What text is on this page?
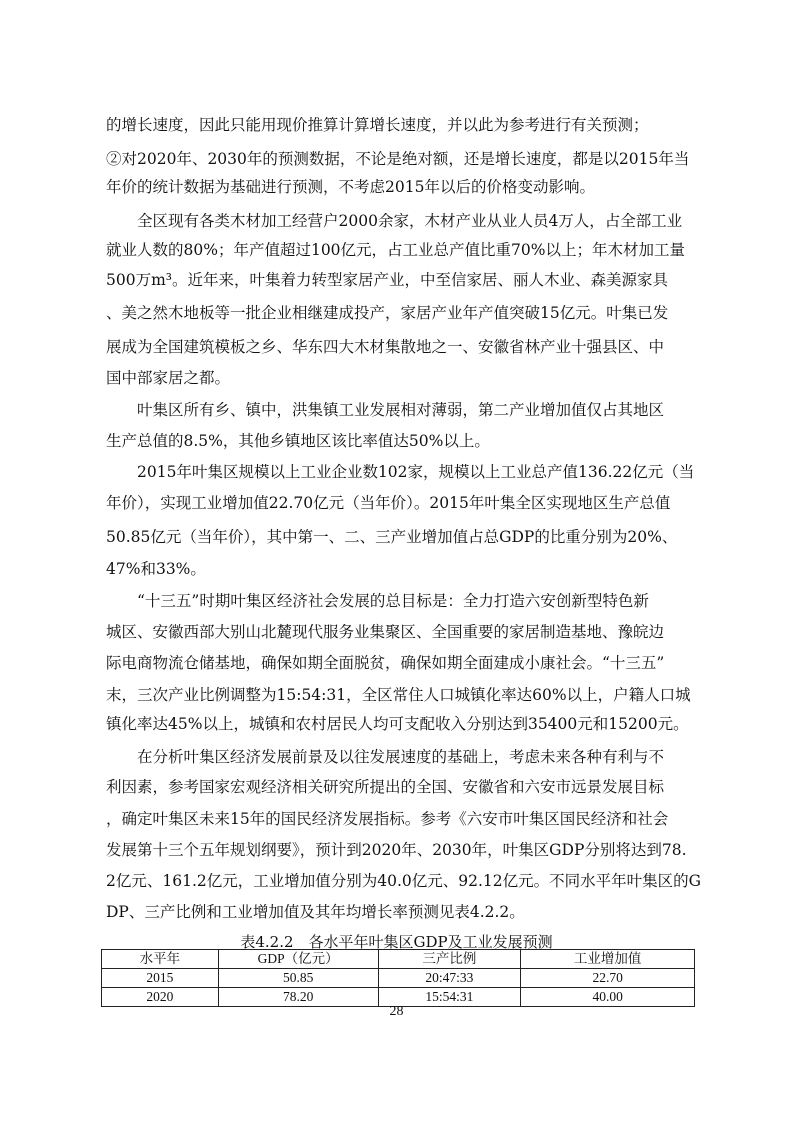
的增长速度，因此只能用现价推算计算增长速度，并以此为参考进行有关预测；
②对2020年、2030年的预测数据，不论是绝对额，还是增长速度，都是以2015年当
年价的统计数据为基础进行预测，不考虑2015年以后的价格变动影响。
全区现有各类木材加工经营户2000余家，木材产业从业人员4万人，占全部工业
就业人数的80%；年产值超过100亿元，占工业总产值比重70%以上；年木材加工量
500万m³。近年来，叶集着力转型家居产业，中至信家居、丽人木业、森美源家具
、美之然木地板等一批企业相继建成投产，家居产业年产值突破15亿元。叶集已发
展成为全国建筑模板之乡、华东四大木材集散地之一、安徽省林产业十强县区、中
国中部家居之都。
叶集区所有乡、镇中，洪集镇工业发展相对薄弱，第二产业增加值仅占其地区
生产总值的8.5%，其他乡镇地区该比率值达50%以上。
2015年叶集区规模以上工业企业数102家，规模以上工业总产值136.22亿元（当
年价），实现工业增加值22.70亿元（当年价）。2015年叶集全区实现地区生产总值
50.85亿元（当年价），其中第一、二、三产业增加值占总GDP的比重分别为20%、
47%和33%。
“十三五”时期叶集区经济社会发展的总目标是：全力打造六安创新型特色新
城区、安徽西部大别山北麓现代服务业集聚区、全国重要的家居制造基地、豫皖边
际电商物流仓储基地，确保如期全面脱贫，确保如期全面建成小康社会。“十三五”
末，三次产业比例调整为15:54:31，全区常住人口城镇化率达60%以上，户籍人口城
镇化率达45%以上，城镇和农村居民人均可支配收入分别达到35400元和15200元。
在分析叶集区经济发展前景及以往发展速度的基础上，考虑未来各种有利与不
利因素，参考国家宏观经济相关研究所提出的全国、安徽省和六安市远景发展目标
，确定叶集区未来15年的国民经济发展指标。参考《六安市叶集区国民经济和社会
发展第十三个五年规划纲要》，预计到2020年、2030年，叶集区GDP分别将达到78.
2亿元、161.2亿元，工业增加值分别为40.0亿元、92.12亿元。不同水平年叶集区的G
DP、三产比例和工业增加值及其年均增长率预测见表4.2.2。
表4.2.2　各水平年叶集区GDP及工业发展预测
水平年	GDP（亿元）	三产比例	工业增加值
2015	50.85	20:47:33	22.70
2020	78.20	15:54:31	40.00
28
